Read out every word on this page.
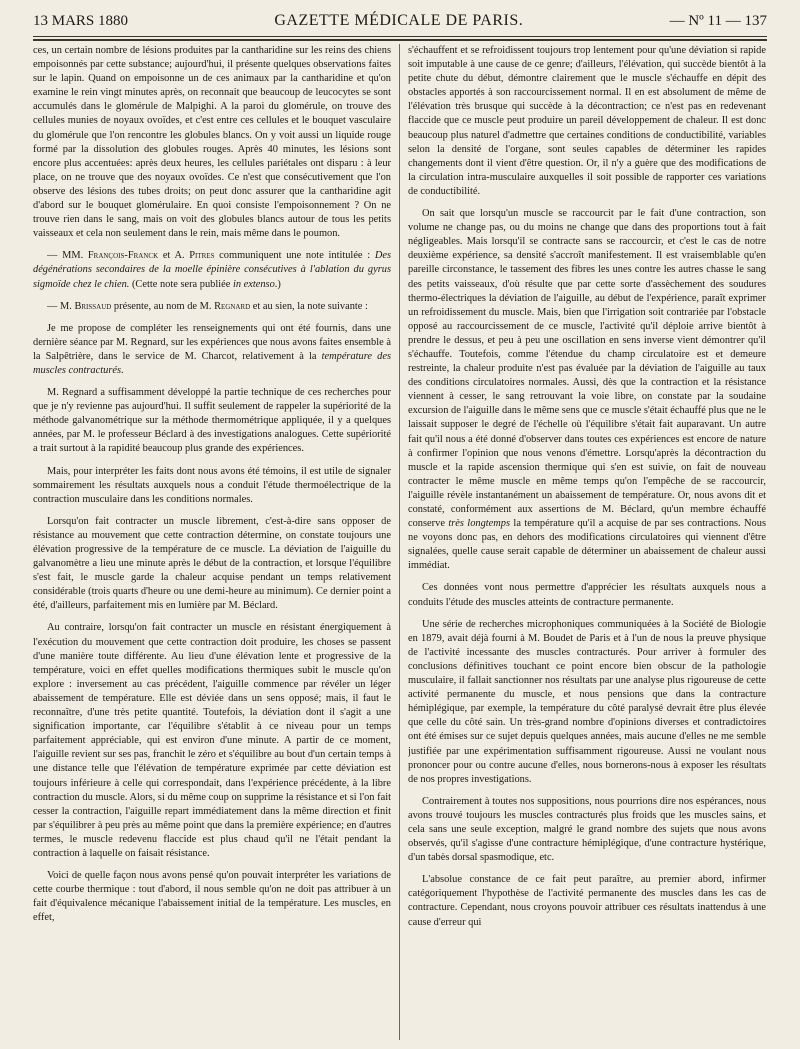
13 MARS 1880	GAZETTE MÉDICALE DE PARIS.	— Nº 11 — 137

ces, un certain nombre de lésions produites par la cantharidine sur les reins des chiens empoisonnés par cette substance; aujourd'hui, il présente quelques observations faites sur le lapin. Quand on empoisonne un de ces animaux par la cantharidine et qu'on examine le rein vingt minutes après, on reconnait que beaucoup de leucocytes se sont accumulés dans le glomérule de Malpighi. A la paroi du glomérule, on trouve des cellules munies de noyaux ovoïdes, et c'est entre ces cellules et le bouquet vasculaire du glomérule que l'on rencontre les globules blancs. On y voit aussi un liquide rouge formé par la dissolution des globules rouges. Après 40 minutes, les lésions sont encore plus accentuées: après deux heures, les cellules pariétales ont disparu : à leur place, on ne trouve que des noyaux ovoïdes. Ce n'est que consécutivement que l'on observe des lésions des tubes droits; on peut donc assurer que la cantharidine agit d'abord sur le bouquet glomérulaire. En quoi consiste l'empoisonnement ? On ne trouve rien dans le sang, mais on voit des globules blancs autour de tous les petits vaisseaux et cela non seulement dans le rein, mais même dans le poumon.

— MM. François-Franck et A. Pitres communiquent une note intitulée : Des dégénérations secondaires de la moelle épinière consécutives à l'ablation du gyrus sigmoïde chez le chien. (Cette note sera publiée in extenso.)

— M. Brissaud présente, au nom de M. Regnard et au sien, la note suivante :

Je me propose de compléter les renseignements qui ont été fournis, dans une dernière séance par M. Regnard, sur les expériences que nous avons faites ensemble à la Salpêtrière, dans le service de M. Charcot, relativement à la température des muscles contracturés.

M. Regnard a suffisamment développé la partie technique de ces recherches pour que je n'y revienne pas aujourd'hui. Il suffit seulement de rappeler la supériorité de la méthode galvanométrique sur la méthode thermométrique appliquée, il y a quelques années, par M. le professeur Béclard à des investigations analogues. Cette supériorité a trait surtout à la rapidité beaucoup plus grande des expériences.

Mais, pour interpréter les faits dont nous avons été témoins, il est utile de signaler sommairement les résultats auxquels nous a conduit l'étude thermoélectrique de la contraction musculaire dans les conditions normales.

Lorsqu'on fait contracter un muscle librement, c'est-à-dire sans opposer de résistance au mouvement que cette contraction détermine, on constate toujours une élévation progressive de la température de ce muscle. La déviation de l'aiguille du galvanomètre a lieu une minute après le début de la contraction, et lorsque l'équilibre s'est fait, le muscle garde la chaleur acquise pendant un temps relativement considérable (trois quarts d'heure ou une demi-heure au minimum). Ce dernier point a été, d'ailleurs, parfaitement mis en lumière par M. Béclard.

Au contraire, lorsqu'on fait contracter un muscle en résistant énergiquement à l'exécution du mouvement que cette contraction doit produire, les choses se passent d'une manière toute différente. Au lieu d'une élévation lente et progressive de la température, voici en effet quelles modifications thermiques subit le muscle qu'on explore : inversement au cas précédent, l'aiguille commence par révéler un léger abaissement de température. Elle est déviée dans un sens opposé; mais, il faut le reconnaître, d'une très petite quantité. Toutefois, la déviation dont il s'agit a une signification importante, car l'équilibre s'établit à ce niveau pour un temps parfaitement appréciable, qui est environ d'une minute. A partir de ce moment, l'aiguille revient sur ses pas, franchit le zéro et s'équilibre au bout d'un certain temps à une distance telle que l'élévation de température exprimée par cette déviation est toujours inférieure à celle qui correspondait, dans l'expérience précédente, à la libre contraction du muscle. Alors, si du même coup on supprime la résistance et si l'on fait cesser la contraction, l'aiguille repart immédiatement dans la même direction et finit par s'équilibrer à peu près au même point que dans la première expérience; en d'autres termes, le muscle redevenu flaccide est plus chaud qu'il ne l'était pendant la contraction à laquelle on faisait résistance.

Voici de quelle façon nous avons pensé qu'on pouvait interpréter les variations de cette courbe thermique : tout d'abord, il nous semble qu'on ne doit pas attribuer à un fait d'équivalence mécanique l'abaissement initial de la température. Les muscles, en effet,

s'échauffent et se refroidissent toujours trop lentement pour qu'une déviation si rapide soit imputable à une cause de ce genre; d'ailleurs, l'élévation, qui succède bientôt à la petite chute du début, démontre clairement que le muscle s'échauffe en dépit des obstacles apportés à son raccourcissement normal. Il en est absolument de même de l'élévation très brusque qui succède à la décontraction; ce n'est pas en redevenant flaccide que ce muscle peut produire un pareil développement de chaleur. Il est donc beaucoup plus naturel d'admettre que certaines conditions de conductibilité, variables selon la densité de l'organe, sont seules capables de déterminer les rapides changements dont il vient d'être question. Or, il n'y a guère que des modifications de la circulation intra-musculaire auxquelles il soit possible de rapporter ces variations de conductibilité.

On sait que lorsqu'un muscle se raccourcit par le fait d'une contraction, son volume ne change pas, ou du moins ne change que dans des proportions tout à fait négligeables. Mais lorsqu'il se contracte sans se raccourcir, et c'est le cas de notre deuxième expérience, sa densité s'accroît manifestement. Il est vraisemblable qu'en pareille circonstance, le tassement des fibres les unes contre les autres chasse le sang des petits vaisseaux, d'où résulte que par cette sorte d'assèchement des soudures thermo-électriques la déviation de l'aiguille, au début de l'expérience, paraît exprimer un refroidissement du muscle. Mais, bien que l'irrigation soit contrariée par l'obstacle opposé au raccourcissement de ce muscle, l'activité qu'il déploie arrive bientôt à prendre le dessus, et peu à peu une oscillation en sens inverse vient démontrer qu'il s'échauffe. Toutefois, comme l'étendue du champ circulatoire est et demeure restreinte, la chaleur produite n'est pas évaluée par la déviation de l'aiguille au taux des conditions circulatoires normales. Aussi, dès que la contraction et la résistance viennent à cesser, le sang retrouvant la voie libre, on constate par la soudaine excursion de l'aiguille dans le même sens que ce muscle s'était échauffé plus que ne le laissait supposer le degré de l'échelle où l'équilibre s'était fait auparavant. Un autre fait qu'il nous a été donné d'observer dans toutes ces expériences est encore de nature à confirmer l'opinion que nous venons d'émettre. Lorsqu'après la décontraction du muscle et la rapide ascension thermique qui s'en est suivie, on fait de nouveau contracter le même muscle en même temps qu'on l'empêche de se raccourcir, l'aiguille révèle instantanément un abaissement de température. Or, nous avons dit et constaté, conformément aux assertions de M. Béclard, qu'un membre échauffé conserve très longtemps la température qu'il a acquise de par ses contractions. Nous ne voyons donc pas, en dehors des modifications circulatoires qui viennent d'être signalées, quelle cause serait capable de déterminer un abaissement de chaleur aussi immédiat.

Ces données vont nous permettre d'apprécier les résultats auxquels nous a conduits l'étude des muscles atteints de contracture permanente.

Une série de recherches microphoniques communiquées à la Société de Biologie en 1879, avait déjà fourni à M. Boudet de Paris et à l'un de nous la preuve physique de l'activité incessante des muscles contracturés. Pour arriver à formuler des conclusions définitives touchant ce point encore bien obscur de la pathologie musculaire, il fallait sanctionner nos résultats par une analyse plus rigoureuse de cette activité permanente du muscle, et nous pensions que dans la contracture hémiplégique, par exemple, la température du côté paralysé devrait être plus élevée que celle du côté sain. Un très-grand nombre d'opinions diverses et contradictoires ont été émises sur ce sujet depuis quelques années, mais aucune d'elles ne me semble justifiée par une expérimentation suffisamment rigoureuse. Aussi ne voulant nous prononcer pour ou contre aucune d'elles, nous bornerons-nous à exposer les résultats de nos propres investigations.

Contrairement à toutes nos suppositions, nous pourrions dire nos espérances, nous avons trouvé toujours les muscles contracturés plus froids que les muscles sains, et cela sans une seule exception, malgré le grand nombre des sujets que nous avons observés, qu'il s'agisse d'une contracture hémiplégique, d'une contracture hystérique, d'un tabès dorsal spasmodique, etc.

L'absolue constance de ce fait peut paraître, au premier abord, infirmer catégoriquement l'hypothèse de l'activité permanente des muscles dans les cas de contracture. Cependant, nous croyons pouvoir attribuer ces résultats inattendus à une cause d'erreur qui
